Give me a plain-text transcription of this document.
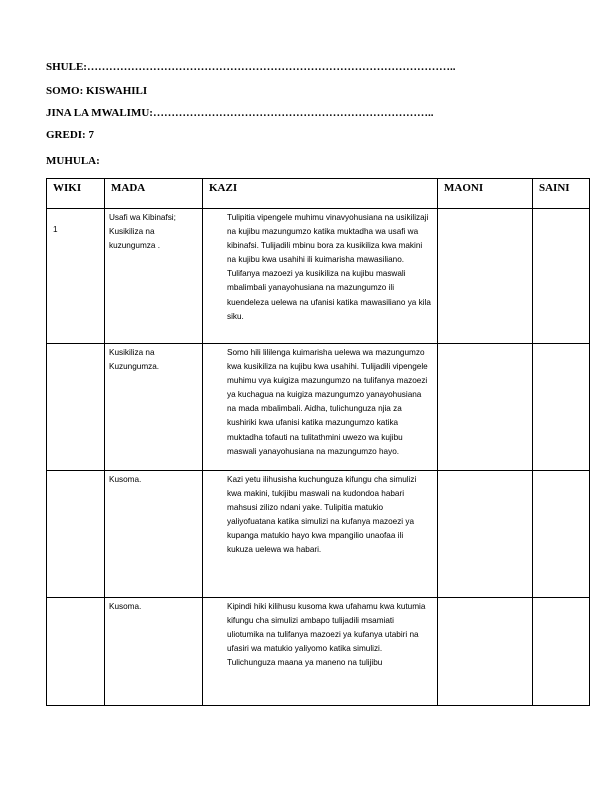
SHULE:………………………………………………………………………………………..
SOMO: KISWAHILI
JINA LA MWALIMU:…………………………………………………………………..
GREDI: 7
MUHULA:
WIKI	MADA	KAZI	MAONI	SAINI
1	Usafi wa Kibinafsi; Kusikiliza na kuzungumza .	Tulipitia vipengele muhimu vinavyohusiana na usikilizaji na kujibu mazungumzo katika muktadha wa usafi wa kibinafsi. Tulijadili mbinu bora za kusikiliza kwa makini na kujibu kwa usahihi ili kuimarisha mawasiliano. Tulifanya mazoezi ya kusikiliza na kujibu maswali mbalimbali yanayohusiana na mazungumzo ili kuendeleza uelewa na ufanisi katika mawasiliano ya kila siku.		
	Kusikiliza na Kuzungumza.	Somo hili lililenga kuimarisha uelewa wa mazungumzo kwa kusikiliza na kujibu kwa usahihi. Tulijadili vipengele muhimu vya kuigiza mazungumzo na tulifanya mazoezi ya kuchagua na kuigiza mazungumzo yanayohusiana na mada mbalimbali. Aidha, tulichunguza njia za kushiriki kwa ufanisi katika mazungumzo katika muktadha tofauti na tulitathmini uwezo wa kujibu maswali yanayohusiana na mazungumzo hayo.		
	Kusoma.	Kazi yetu ilihusisha kuchunguza kifungu cha simulizi kwa makini, tukijibu maswali na kudondoa habari mahsusi zilizo ndani yake. Tulipitia matukio yaliyofuatana katika simulizi na kufanya mazoezi ya kupanga matukio hayo kwa mpangilio unaofaa ili kukuza uelewa wa habari.		
	Kusoma.	Kipindi hiki kilihusu kusoma kwa ufahamu kwa kutumia kifungu cha simulizi ambapo tulijadili msamiati uliotumika na tulifanya mazoezi ya kufanya utabiri na ufasiri wa matukio yaliyomo katika simulizi. Tulichunguza maana ya maneno na tulijibu		
